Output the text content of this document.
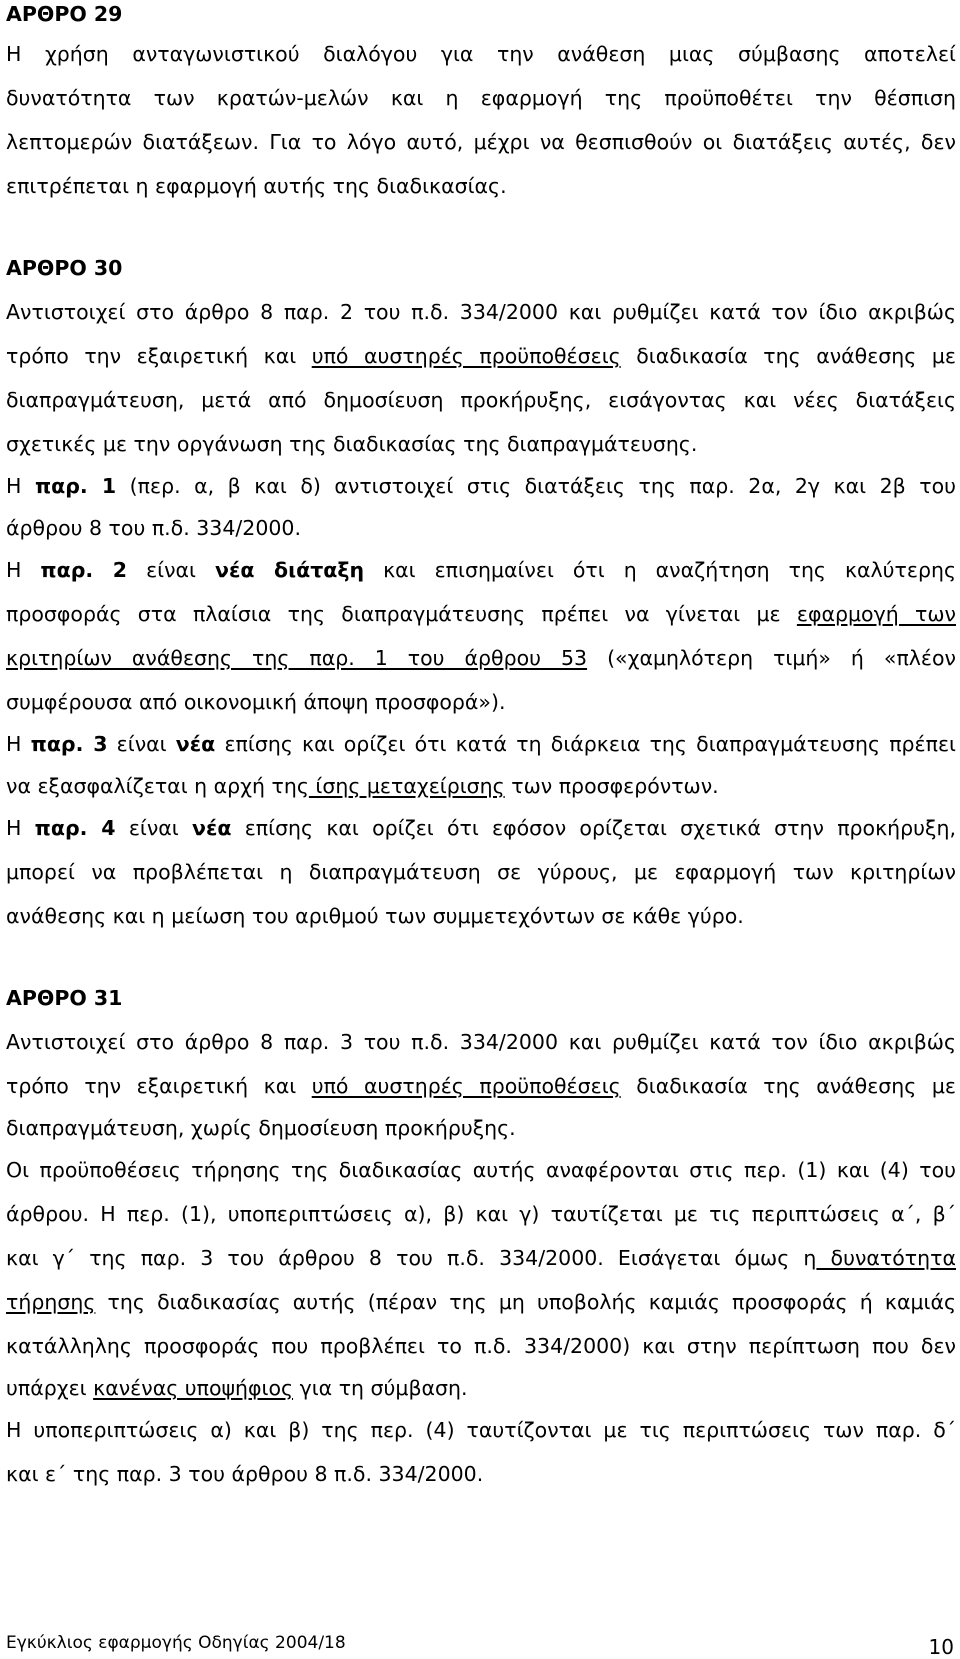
ΑΡΘΡΟ 29
Η χρήση ανταγωνιστικού διαλόγου για την ανάθεση μιας σύμβασης αποτελεί
δυνατότητα των κρατών-μελών και η εφαρμογή της προϋποθέτει την θέσπιση
λεπτομερών διατάξεων. Για το λόγο αυτό, μέχρι να θεσπισθούν οι διατάξεις αυτές, δεν
επιτρέπεται η εφαρμογή αυτής της διαδικασίας.
ΑΡΘΡΟ 30
Αντιστοιχεί στο άρθρο 8 παρ. 2 του π.δ. 334/2000 και ρυθμίζει κατά τον ίδιο ακριβώς
τρόπο την εξαιρετική και υπό αυστηρές προϋποθέσεις διαδικασία της ανάθεσης με
διαπραγμάτευση, μετά από δημοσίευση προκήρυξης, εισάγοντας και νέες διατάξεις
σχετικές με την οργάνωση της διαδικασίας της διαπραγμάτευσης.
Η παρ. 1 (περ. α, β και δ) αντιστοιχεί στις διατάξεις της παρ. 2α, 2γ και 2β του
άρθρου 8 του π.δ. 334/2000.
Η παρ. 2 είναι νέα διάταξη και επισημαίνει ότι η αναζήτηση της καλύτερης
προσφοράς στα πλαίσια της διαπραγμάτευσης πρέπει να γίνεται με εφαρμογή των
κριτηρίων ανάθεσης της παρ. 1 του άρθρου 53 («χαμηλότερη τιμή» ή «πλέον
συμφέρουσα από οικονομική άποψη προσφορά»).
Η παρ. 3 είναι νέα επίσης και ορίζει ότι κατά τη διάρκεια της διαπραγμάτευσης πρέπει
να εξασφαλίζεται η αρχή της ίσης μεταχείρισης των προσφερόντων.
Η παρ. 4 είναι νέα επίσης και ορίζει ότι εφόσον ορίζεται σχετικά στην προκήρυξη,
μπορεί να προβλέπεται η διαπραγμάτευση σε γύρους, με εφαρμογή των κριτηρίων
ανάθεσης και η μείωση του αριθμού των συμμετεχόντων σε κάθε γύρο.
ΑΡΘΡΟ 31
Αντιστοιχεί στο άρθρο 8 παρ. 3 του π.δ. 334/2000 και ρυθμίζει κατά τον ίδιο ακριβώς
τρόπο την εξαιρετική και υπό αυστηρές προϋποθέσεις διαδικασία της ανάθεσης με
διαπραγμάτευση, χωρίς δημοσίευση προκήρυξης.
Οι προϋποθέσεις τήρησης της διαδικασίας αυτής αναφέρονται στις περ. (1) και (4) του
άρθρου. Η περ. (1), υποπεριπτώσεις α), β) και γ) ταυτίζεται με τις περιπτώσεις α΄, β΄
και γ΄ της παρ. 3 του άρθρου 8 του π.δ. 334/2000. Εισάγεται όμως η δυνατότητα
τήρησης της διαδικασίας αυτής (πέραν της μη υποβολής καμιάς προσφοράς ή καμιάς
κατάλληλης προσφοράς που προβλέπει το π.δ. 334/2000) και στην περίπτωση που δεν
υπάρχει κανένας υποψήφιος για τη σύμβαση.
Η υποπεριπτώσεις α) και β) της περ. (4) ταυτίζονται με τις περιπτώσεις των παρ. δ΄
και ε΄ της παρ. 3 του άρθρου 8 π.δ. 334/2000.
Εγκύκλιος εφαρμογής Οδηγίας 2004/18	10
